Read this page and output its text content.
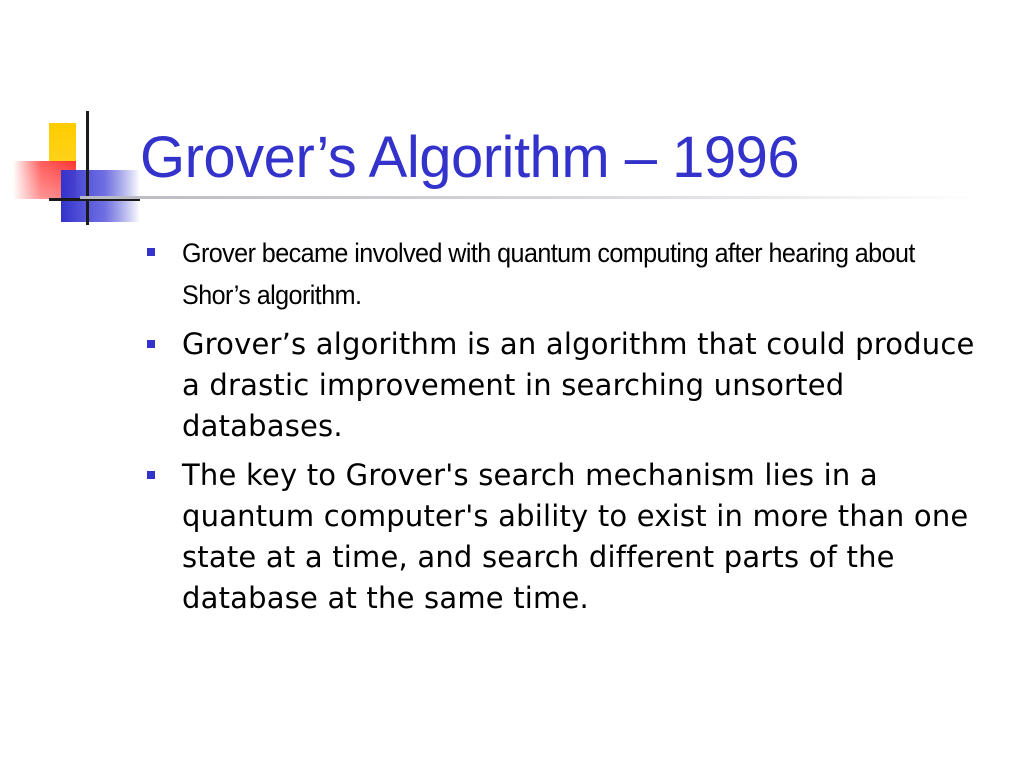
Grover’s Algorithm – 1996
Grover became involved with quantum computing after hearing about Shor’s algorithm.
Grover’s algorithm is an algorithm that could produce a drastic improvement in searching unsorted databases.
The key to Grover's search mechanism lies in a quantum computer's ability to exist in more than one state at a time, and search different parts of the database at the same time.
